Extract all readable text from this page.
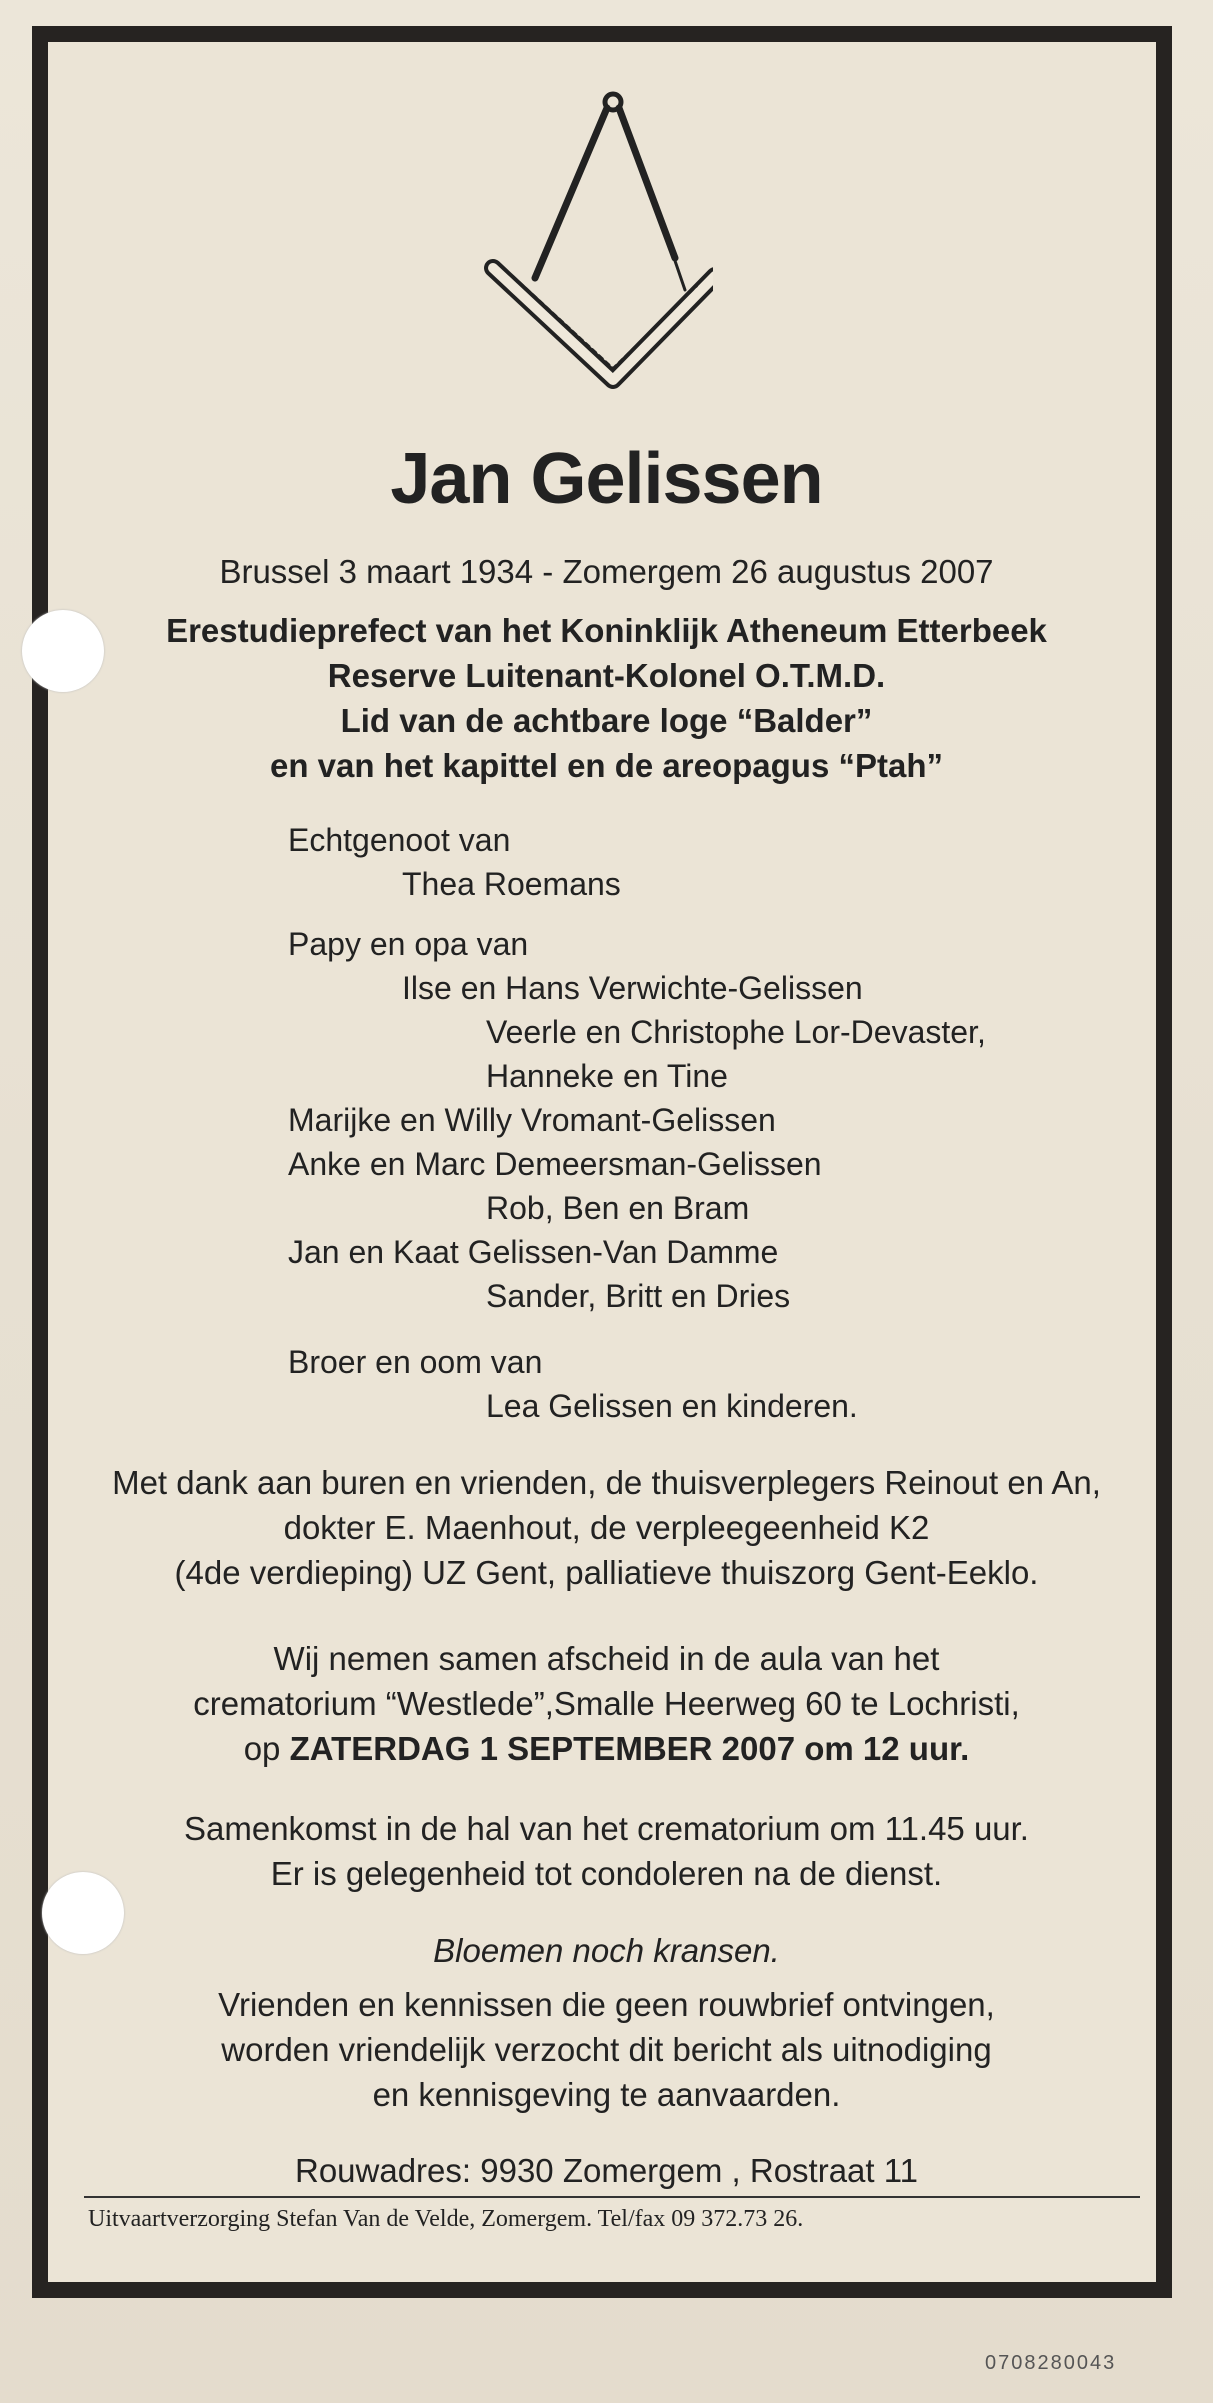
Jan Gelissen
Brussel 3 maart 1934 - Zomergem 26 augustus 2007
Erestudieprefect van het Koninklijk Atheneum Etterbeek
Reserve Luitenant-Kolonel O.T.M.D.
Lid van de achtbare loge “Balder”
en van het kapittel en de areopagus “Ptah”
Echtgenoot van
Thea Roemans
Papy en opa van
Ilse en Hans Verwichte-Gelissen
Veerle en Christophe Lor-Devaster,
Hanneke en Tine
Marijke en Willy Vromant-Gelissen
Anke en Marc Demeersman-Gelissen
Rob, Ben en Bram
Jan en Kaat Gelissen-Van Damme
Sander, Britt en Dries
Broer en oom van
Lea Gelissen en kinderen.
Met dank aan buren en vrienden, de thuisverplegers Reinout en An,
dokter E. Maenhout, de verpleegeenheid K2
(4de verdieping) UZ Gent, palliatieve thuiszorg Gent-Eeklo.
Wij nemen samen afscheid in de aula van het
crematorium “Westlede”,Smalle Heerweg 60 te Lochristi,
op ZATERDAG 1 SEPTEMBER 2007 om 12 uur.
Samenkomst in de hal van het crematorium om 11.45 uur.
Er is gelegenheid tot condoleren na de dienst.
Bloemen noch kransen.
Vrienden en kennissen die geen rouwbrief ontvingen,
worden vriendelijk verzocht dit bericht als uitnodiging
en kennisgeving te aanvaarden.
Rouwadres: 9930 Zomergem , Rostraat 11
Uitvaartverzorging Stefan Van de Velde, Zomergem. Tel/fax 09 372.73 26.
0708280043
